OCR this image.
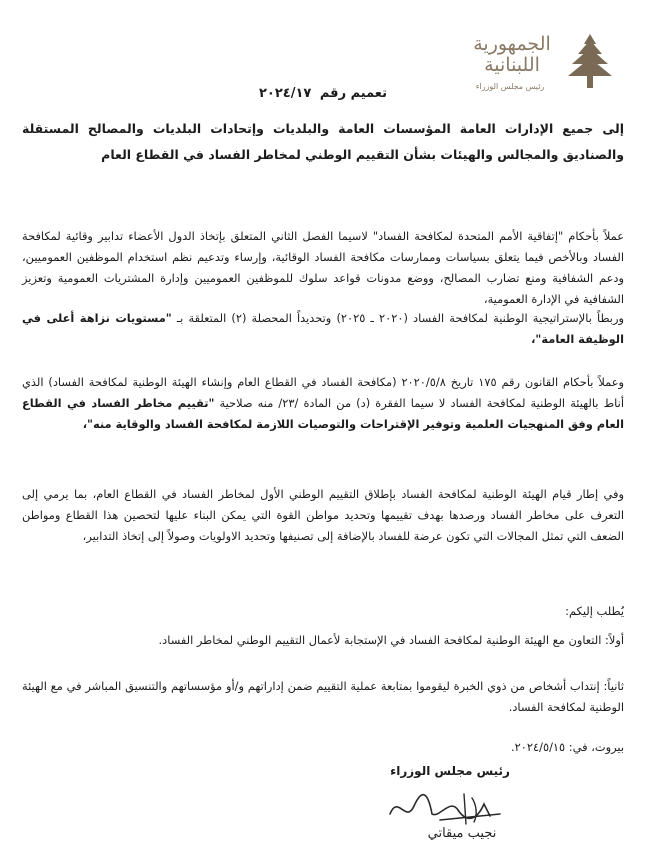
الجمهورية
اللبنانية
رئيس مجلس الوزراء
تعميم رقم ٢٠٢٤/١٧
إلى جميع الإدارات العامة المؤسسات العامة والبلديات وإتحادات البلديات والمصالح المستقلة والصناديق والمجالس والهيئات بشأن التقييم الوطني لمخاطر الفساد في القطاع العام
عملاً بأحكام "إتفاقية الأمم المتحدة لمكافحة الفساد" لاسيما الفصل الثاني المتعلق بإتخاذ الدول الأعضاء تدابير وقائية لمكافحة الفساد وبالأخص فيما يتعلق بسياسات وممارسات مكافحة الفساد الوقائية، وإرساء وتدعيم نظم استخدام الموظفين العموميين، ودعم الشفافية ومنع تضارب المصالح، ووضع مدونات قواعد سلوك للموظفين العموميين وإدارة المشتريات العمومية وتعزيز الشفافية في الإدارة العمومية،
وربطاً بالإستراتيجية الوطنية لمكافحة الفساد (٢٠٢٠ ـ ٢٠٢٥) وتحديداً المحصلة (٢) المتعلقة بـ "مستويات نزاهة أعلى في الوظيفة العامة"،
وعملاً بأحكام القانون رقم ١٧٥ تاريخ ٢٠٢٠/٥/٨ (مكافحة الفساد في القطاع العام وإنشاء الهيئة الوطنية لمكافحة الفساد) الذي أناط بالهيئة الوطنية لمكافحة الفساد لا سيما الفقرة (د) من المادة /٢٣/ منه صلاحية "تقييم مخاطر الفساد في القطاع العام وفق المنهجيات العلمية وتوفير الإقتراحات والتوصيات اللازمة لمكافحة الفساد والوقاية منه"،
وفي إطار قيام الهيئة الوطنية لمكافحة الفساد بإطلاق التقييم الوطني الأول لمخاطر الفساد في القطاع العام، بما يرمي إلى التعرف على مخاطر الفساد ورصدها بهدف تقييمها وتحديد مواطن القوة التي يمكن البناء عليها لتحصين هذا القطاع ومواطن الضعف التي تمثل المجالات التي تكون عرضة للفساد بالإضافة إلى تصنيفها وتحديد الاولويات وصولاً إلى إتخاذ التدابير،
يُطلب إليكم:
أولاً: التعاون مع الهيئة الوطنية لمكافحة الفساد في الإستجابة لأعمال التقييم الوطني لمخاطر الفساد.
ثانياً: إنتداب أشخاص من ذوي الخبرة ليقوموا بمتابعة عملية التقييم ضمن إداراتهم و/أو مؤسساتهم والتنسيق المباشر في مع الهيئة الوطنية لمكافحة الفساد.
بيروت، في: ٢٠٢٤/٥/١٥.
رئيس مجلس الوزراء
نجيب ميقاتي
